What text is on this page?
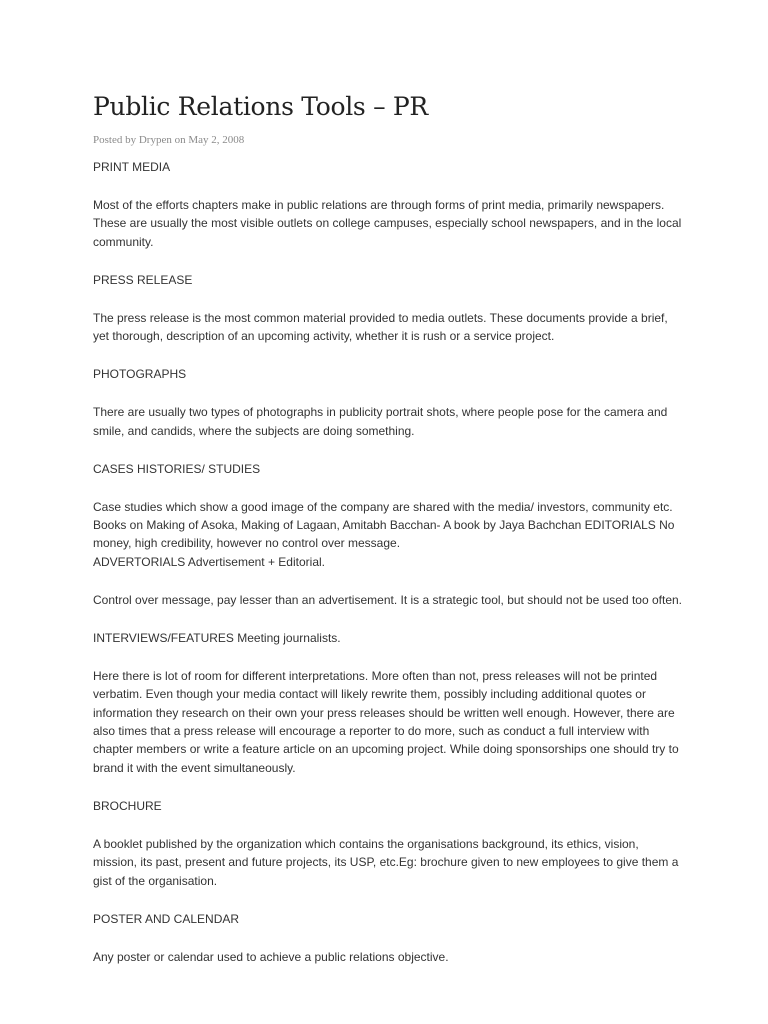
Public Relations Tools – PR
Posted by Drypen on May 2, 2008

PRINT MEDIA

Most of the efforts chapters make in public relations are through forms of print media, primarily newspapers. These are usually the most visible outlets on college campuses, especially school newspapers, and in the local community.

PRESS RELEASE

The press release is the most common material provided to media outlets. These documents provide a brief, yet thorough, description of an upcoming activity, whether it is rush or a service project.

PHOTOGRAPHS

There are usually two types of photographs in publicity portrait shots, where people pose for the camera and smile, and candids, where the subjects are doing something.

CASES HISTORIES/ STUDIES

Case studies which show a good image of the company are shared with the media/ investors, community etc. Books on Making of Asoka, Making of Lagaan, Amitabh Bacchan- A book by Jaya Bachchan EDITORIALS No money, high credibility, however no control over message.
ADVERTORIALS Advertisement + Editorial.

Control over message, pay lesser than an advertisement. It is a strategic tool, but should not be used too often.

INTERVIEWS/FEATURES Meeting journalists.

Here there is lot of room for different interpretations. More often than not, press releases will not be printed verbatim. Even though your media contact will likely rewrite them, possibly including additional quotes or information they research on their own your press releases should be written well enough. However, there are also times that a press release will encourage a reporter to do more, such as conduct a full interview with chapter members or write a feature article on an upcoming project. While doing sponsorships one should try to brand it with the event simultaneously.

BROCHURE

A booklet published by the organization which contains the organisations background, its ethics, vision, mission, its past, present and future projects, its USP, etc.Eg: brochure given to new employees to give them a gist of the organisation.

POSTER AND CALENDAR

Any poster or calendar used to achieve a public relations objective.
